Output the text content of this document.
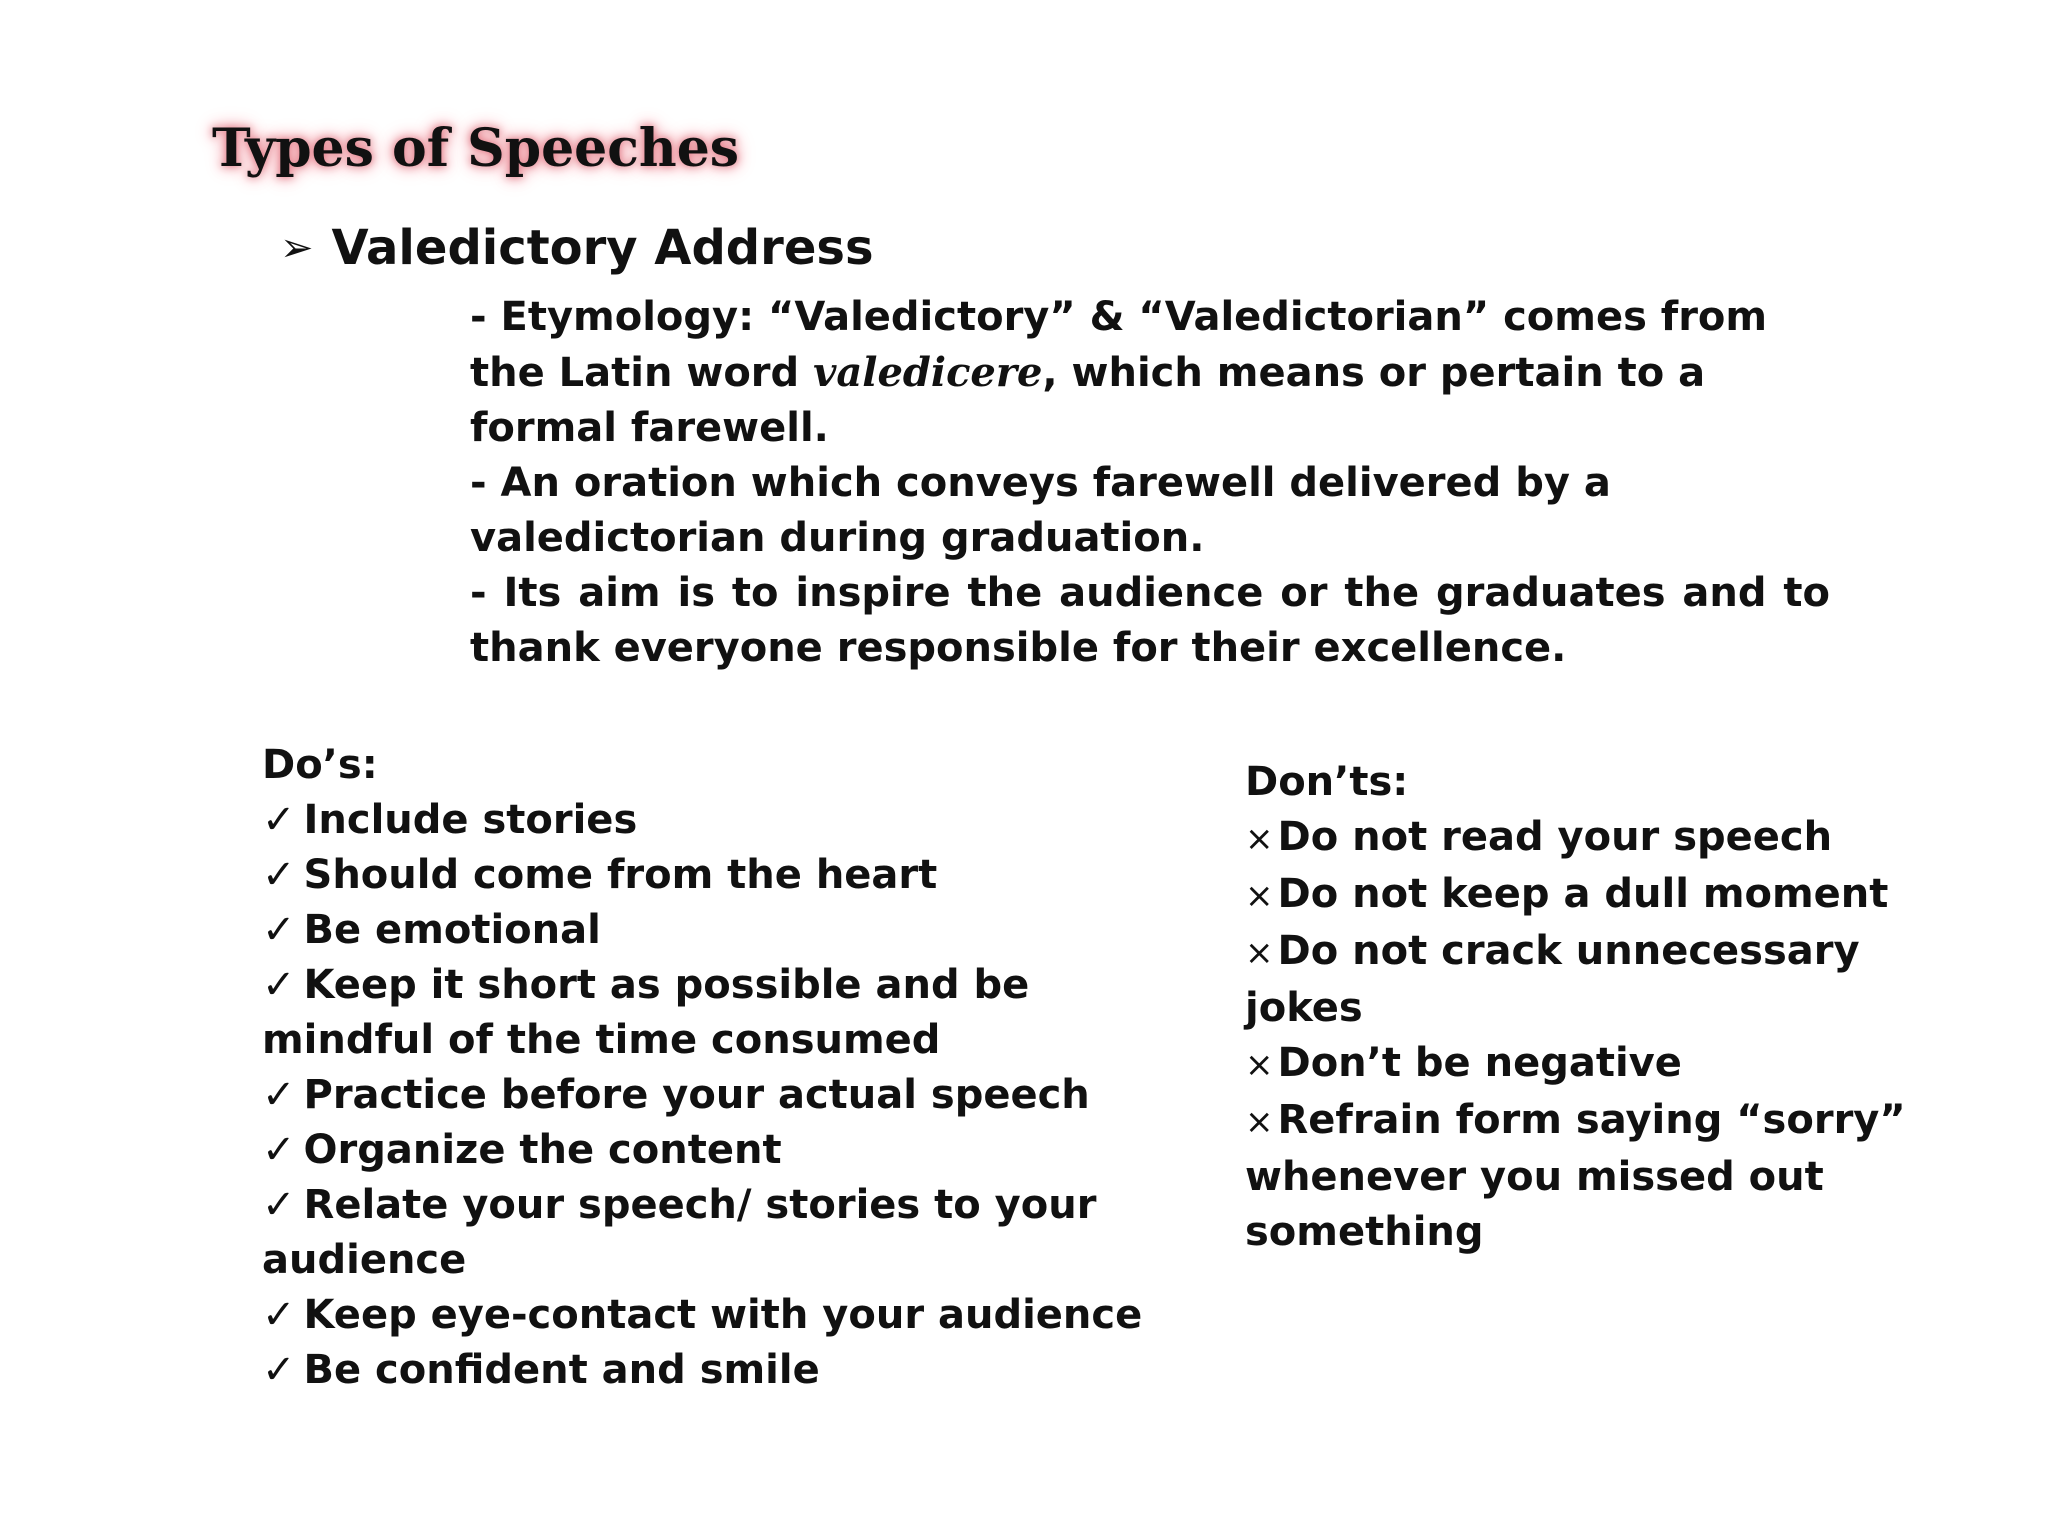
Types of Speeches
➢ Valedictory Address

- Etymology: “Valedictory” & “Valedictorian” comes from the Latin word valedicere, which means or pertain to a formal farewell.

- An oration which conveys farewell delivered by a valedictorian during graduation.

- Its aim is to inspire the audience or the graduates and to thank everyone responsible for their excellence.

Do’s:
✓ Include stories
✓ Should come from the heart
✓ Be emotional
✓ Keep it short as possible and be mindful of the time consumed
✓ Practice before your actual speech
✓ Organize the content
✓ Relate your speech/ stories to your audience
✓ Keep eye-contact with your audience
✓ Be confident and smile
Don’ts:
× Do not read your speech
× Do not keep a dull moment
× Do not crack unnecessary jokes
× Don’t be negative
× Refrain form saying “sorry” whenever you missed out something
